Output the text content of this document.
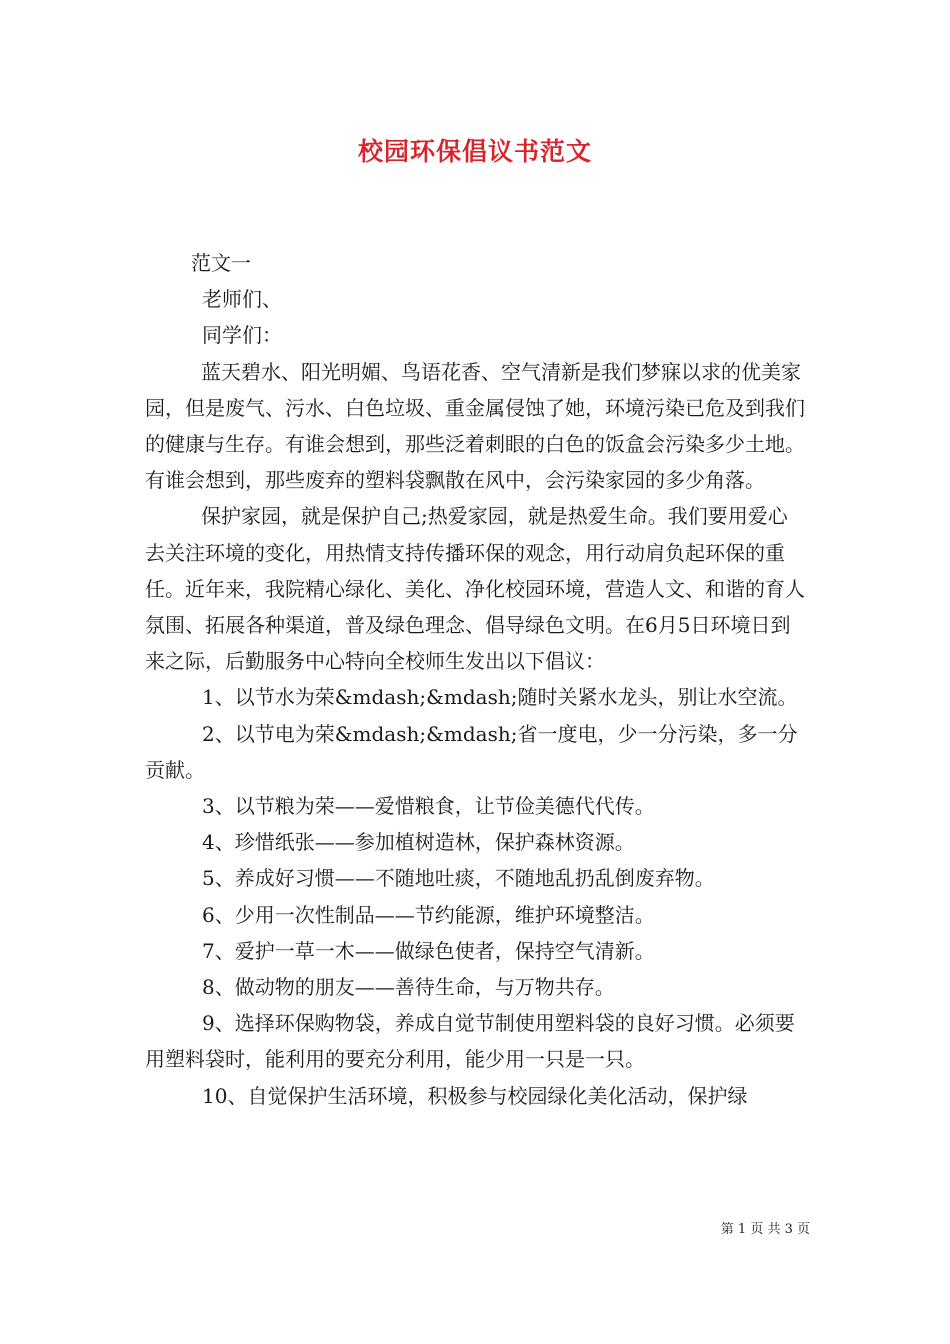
校园环保倡议书范文

范文一

老师们、

同学们：

蓝天碧水、阳光明媚、鸟语花香、空气清新是我们梦寐以求的优美家园，但是废气、污水、白色垃圾、重金属侵蚀了她，环境污染已危及到我们的健康与生存。有谁会想到，那些泛着刺眼的白色的饭盒会污染多少土地。有谁会想到，那些废弃的塑料袋飘散在风中，会污染家园的多少角落。

保护家园，就是保护自己;热爱家园，就是热爱生命。我们要用爱心去关注环境的变化，用热情支持传播环保的观念，用行动肩负起环保的重任。近年来，我院精心绿化、美化、净化校园环境，营造人文、和谐的育人氛围、拓展各种渠道，普及绿色理念、倡导绿色文明。在6月5日环境日到来之际，后勤服务中心特向全校师生发出以下倡议：

1、以节水为荣&mdash;&mdash;随时关紧水龙头，别让水空流。

2、以节电为荣&mdash;&mdash;省一度电，少一分污染，多一分贡献。

3、以节粮为荣——爱惜粮食，让节俭美德代代传。

4、珍惜纸张——参加植树造林，保护森林资源。

5、养成好习惯——不随地吐痰，不随地乱扔乱倒废弃物。

6、少用一次性制品——节约能源，维护环境整洁。

7、爱护一草一木——做绿色使者，保持空气清新。

8、做动物的朋友——善待生命，与万物共存。

9、选择环保购物袋，养成自觉节制使用塑料袋的良好习惯。必须要用塑料袋时，能利用的要充分利用，能少用一只是一只。

10、自觉保护生活环境，积极参与校园绿化美化活动，保护绿

第 1 页 共 3 页
